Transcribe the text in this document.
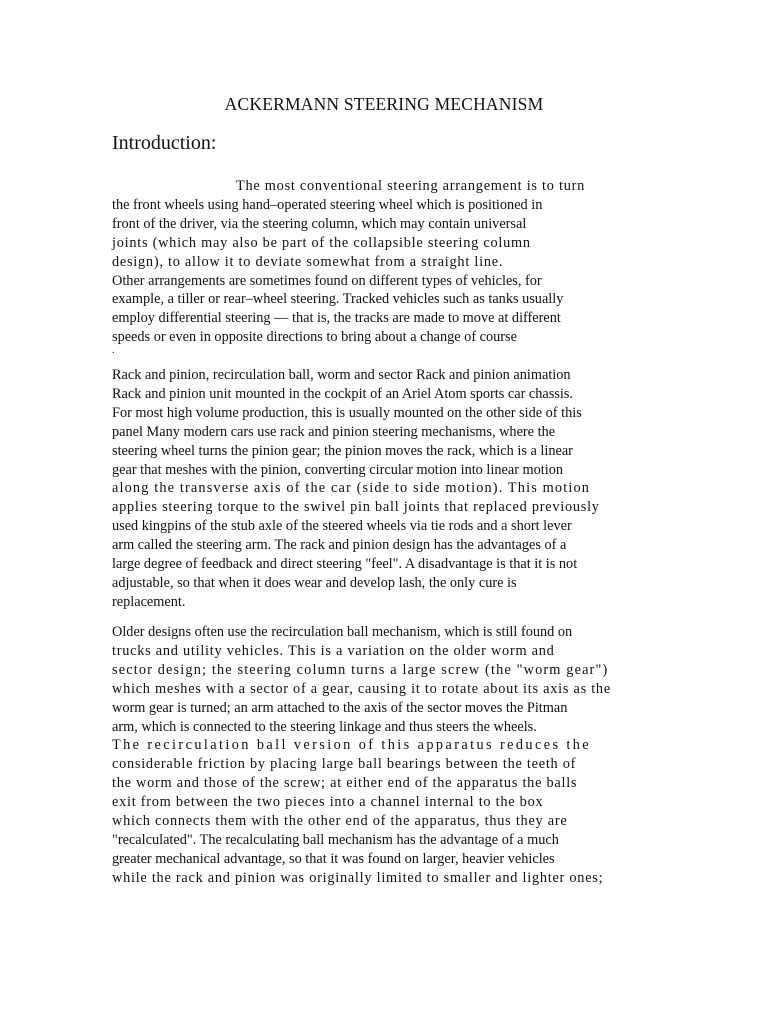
ACKERMANN STEERING MECHANISM
Introduction:
The most conventional steering arrangement is to turn
the front wheels using hand–operated steering wheel which is positioned in
front of the driver, via the steering column, which may contain universal
joints (which may also be part of the collapsible steering column
design), to allow it to deviate somewhat from a straight line.
Other arrangements are sometimes found on different types of vehicles, for
example, a tiller or rear–wheel steering. Tracked vehicles such as tanks usually
employ differential steering — that is, the tracks are made to move at different
speeds or even in opposite directions to bring about a change of course
.
Rack and pinion, recirculation ball, worm and sector Rack and pinion animation
Rack and pinion unit mounted in the cockpit of an Ariel Atom sports car chassis.
For most high volume production, this is usually mounted on the other side of this
panel Many modern cars use rack and pinion steering mechanisms, where the
steering wheel turns the pinion gear; the pinion moves the rack, which is a linear
gear that meshes with the pinion, converting circular motion into linear motion
along the transverse axis of the car (side to side motion). This motion
applies steering torque to the swivel pin ball joints that replaced previously
used kingpins of the stub axle of the steered wheels via tie rods and a short lever
arm called the steering arm. The rack and pinion design has the advantages of a
large degree of feedback and direct steering "feel". A disadvantage is that it is not
adjustable, so that when it does wear and develop lash, the only cure is
replacement.
Older designs often use the recirculation ball mechanism, which is still found on
trucks and utility vehicles. This is a variation on the older worm and
sector design; the steering column turns a large screw (the "worm gear")
which meshes with a sector of a gear, causing it to rotate about its axis as the
worm gear is turned; an arm attached to the axis of the sector moves the Pitman
arm, which is connected to the steering linkage and thus steers the wheels.
The recirculation ball version of this apparatus reduces the
considerable friction by placing large ball bearings between the teeth of
the worm and those of the screw; at either end of the apparatus the balls
exit from between the two pieces into a channel internal to the box
which connects them with the other end of the apparatus, thus they are
"recalculated". The recalculating ball mechanism has the advantage of a much
greater mechanical advantage, so that it was found on larger, heavier vehicles
while the rack and pinion was originally limited to smaller and lighter ones;
